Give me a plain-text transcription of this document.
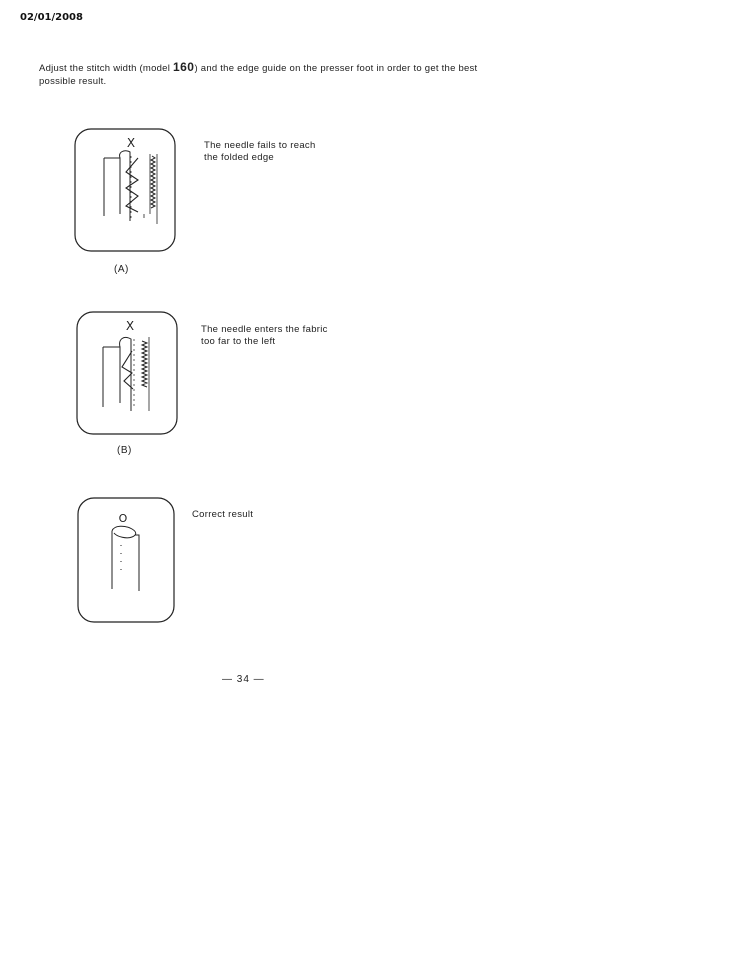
02/01/2008
Adjust the stitch width (model 160) and the edge guide on the presser foot in order to get the best possible result.
X
(A)
The needle fails to reach
the folded edge
X
(B)
The needle enters the fabric
too far to the left
O	Correct result
— 34 —
